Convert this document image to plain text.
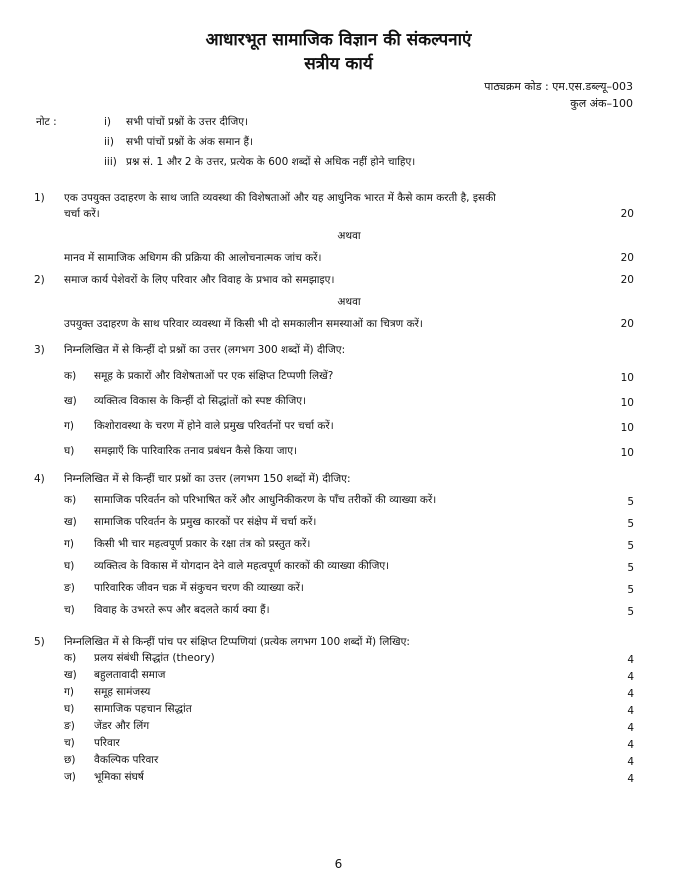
आधारभूत सामाजिक विज्ञान की संकल्पनाएं
सत्रीय कार्य
पाठ्यक्रम कोड : एम.एस.डब्ल्यू–003
कुल अंक–100
नोट :	i) सभी पांचों प्रश्नों के उत्तर दीजिए।
ii) सभी पांचों प्रश्नों के अंक समान हैं।
iii) प्रश्न सं. 1 और 2 के उत्तर, प्रत्येक के 600 शब्दों से अधिक नहीं होने चाहिए।
1) एक उपयुक्त उदाहरण के साथ जाति व्यवस्था की विशेषताओं और यह आधुनिक भारत में कैसे काम करती है, इसकी
चर्चा करें।	20
अथवा
मानव में सामाजिक अधिगम की प्रक्रिया की आलोचनात्मक जांच करें।	20
2) समाज कार्य पेशेवरों के लिए परिवार और विवाह के प्रभाव को समझाइए।	20
अथवा
उपयुक्त उदाहरण के साथ परिवार व्यवस्था में किसी भी दो समकालीन समस्याओं का चित्रण करें।	20
3) निम्नलिखित में से किन्हीं दो प्रश्नों का उत्तर (लगभग 300 शब्दों में) दीजिए:
क) समूह के प्रकारों और विशेषताओं पर एक संक्षिप्त टिप्पणी लिखें?	10
ख) व्यक्तित्व विकास के किन्हीं दो सिद्धांतों को स्पष्ट कीजिए।	10
ग) किशोरावस्था के चरण में होने वाले प्रमुख परिवर्तनों पर चर्चा करें।	10
घ) समझाएँ कि पारिवारिक तनाव प्रबंधन कैसे किया जाए।	10
4) निम्नलिखित में से किन्हीं चार प्रश्नों का उत्तर (लगभग 150 शब्दों में) दीजिए:
क) सामाजिक परिवर्तन को परिभाषित करें और आधुनिकीकरण के पाँच तरीकों की व्याख्या करें।	5
ख) सामाजिक परिवर्तन के प्रमुख कारकों पर संक्षेप में चर्चा करें।	5
ग) किसी भी चार महत्वपूर्ण प्रकार के रक्षा तंत्र को प्रस्तुत करें।	5
घ) व्यक्तित्व के विकास में योगदान देने वाले महत्वपूर्ण कारकों की व्याख्या कीजिए।	5
ङ) पारिवारिक जीवन चक्र में संकुचन चरण की व्याख्या करें।	5
च) विवाह के उभरते रूप और बदलते कार्य क्या हैं।	5
5) निम्नलिखित में से किन्हीं पांच पर संक्षिप्त टिप्पणियां (प्रत्येक लगभग 100 शब्दों में) लिखिए:
क) प्रलय संबंधी सिद्धांत (theory)	4
ख) बहुलतावादी समाज	4
ग) समूह सामंजस्य	4
घ) सामाजिक पहचान सिद्धांत	4
ङ) जेंडर और लिंग	4
च) परिवार	4
छ) वैकल्पिक परिवार	4
ज) भूमिका संघर्ष	4
6
